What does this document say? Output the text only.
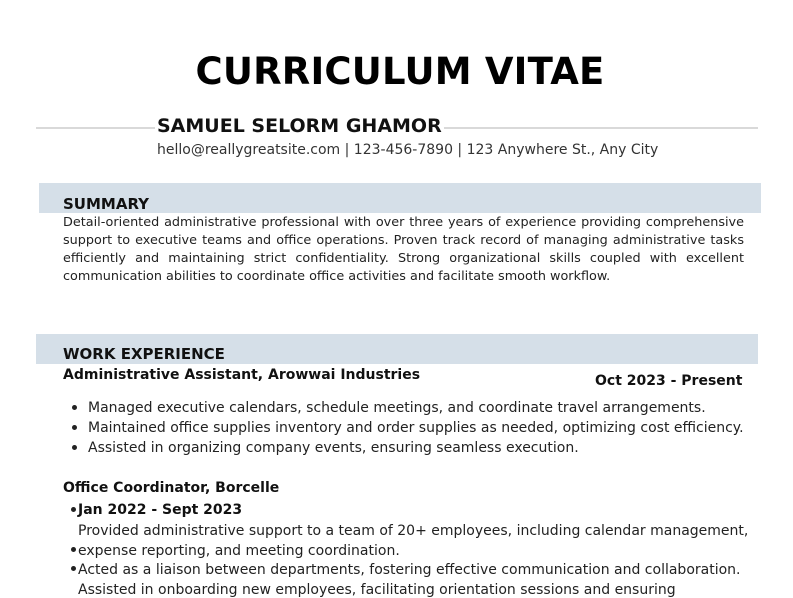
CURRICULUM VITAE
SAMUEL SELORM GHAMOR
hello@reallygreatsite.com | 123-456-7890 | 123 Anywhere St., Any City
SUMMARY
Detail-oriented administrative professional with over three years of experience providing comprehensive support to executive teams and office operations. Proven track record of managing administrative tasks efficiently and maintaining strict confidentiality. Strong organizational skills coupled with excellent communication abilities to coordinate office activities and facilitate smooth workflow.
WORK EXPERIENCE
Administrative Assistant, Arowwai Industries	Oct 2023 - Present
Managed executive calendars, schedule meetings, and coordinate travel arrangements.
Maintained office supplies inventory and order supplies as needed, optimizing cost efficiency.
Assisted in organizing company events, ensuring seamless execution.
Office Coordinator, Borcelle
Jan 2022 - Sept 2023
Provided administrative support to a team of 20+ employees, including calendar management,
expense reporting, and meeting coordination.
Acted as a liaison between departments, fostering effective communication and collaboration.
Assisted in onboarding new employees, facilitating orientation sessions and ensuring
